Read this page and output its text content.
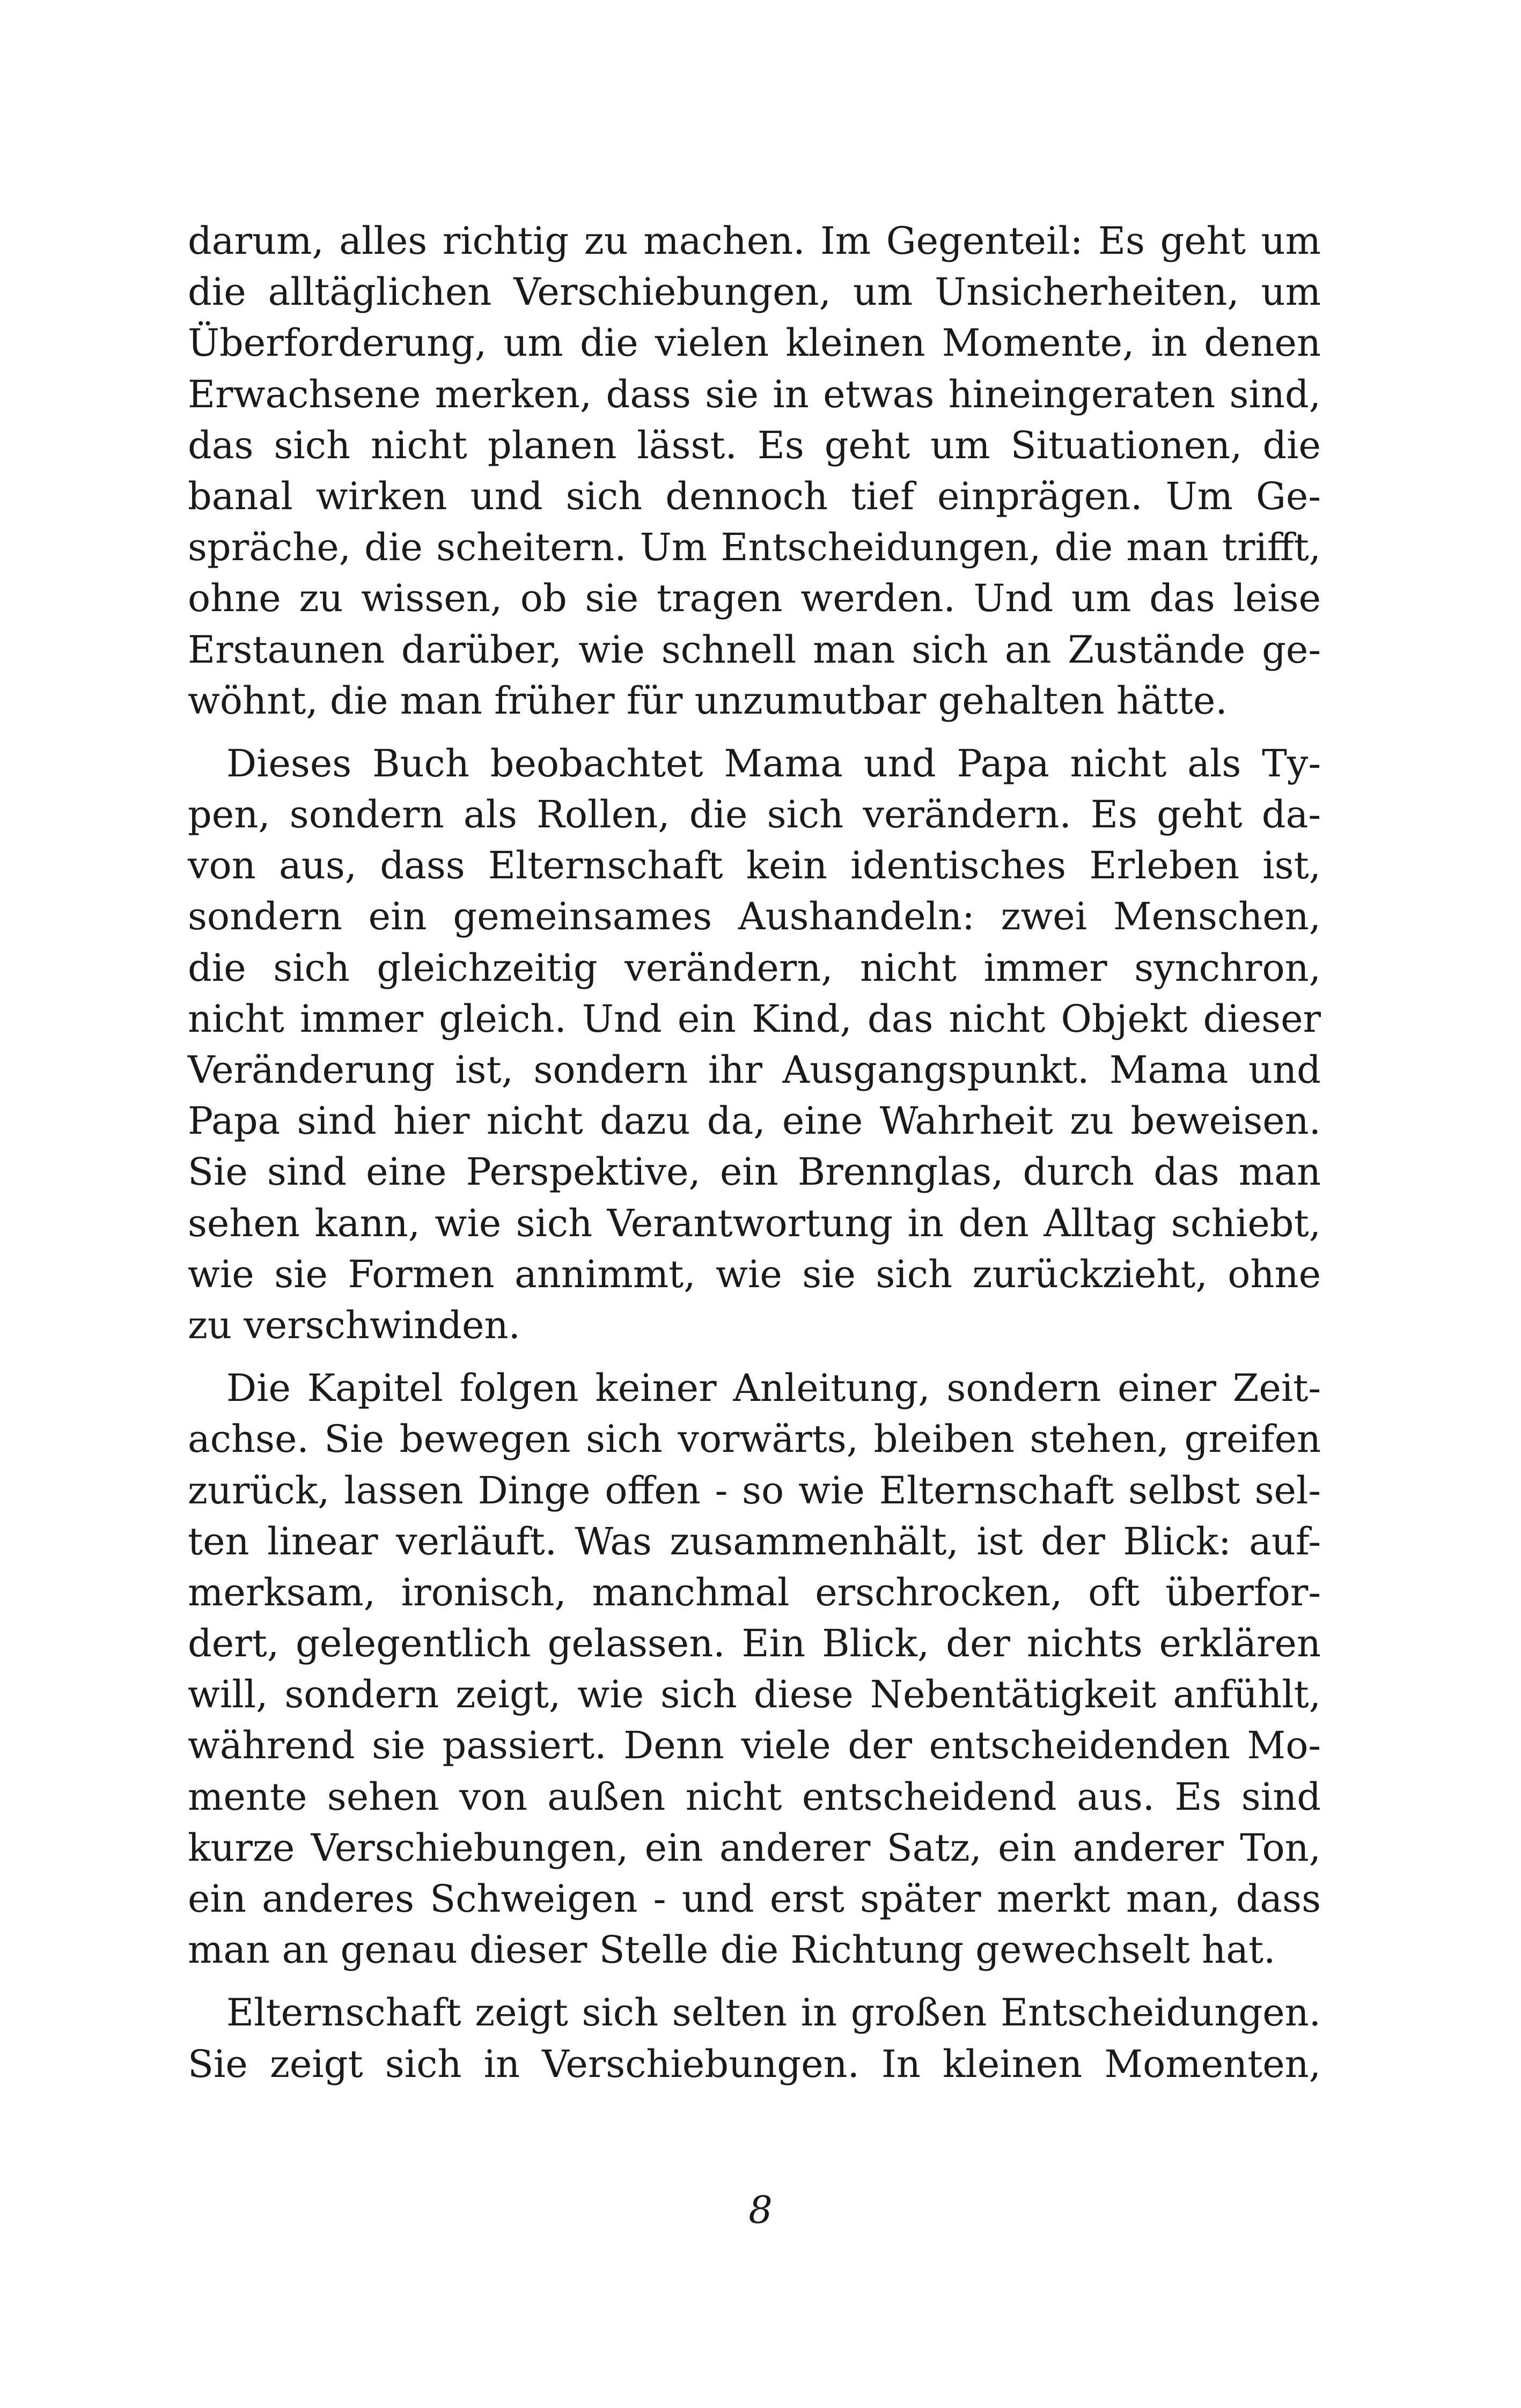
darum, alles richtig zu machen. Im Gegenteil: Es geht um
die alltäglichen Verschiebungen, um Unsicherheiten, um
Überforderung, um die vielen kleinen Momente, in denen
Erwachsene merken, dass sie in etwas hineingeraten sind,
das sich nicht planen lässt. Es geht um Situationen, die
banal wirken und sich dennoch tief einprägen. Um Ge-
spräche, die scheitern. Um Entscheidungen, die man trifft,
ohne zu wissen, ob sie tragen werden. Und um das leise
Erstaunen darüber, wie schnell man sich an Zustände ge-
wöhnt, die man früher für unzumutbar gehalten hätte.
Dieses Buch beobachtet Mama und Papa nicht als Ty-
pen, sondern als Rollen, die sich verändern. Es geht da-
von aus, dass Elternschaft kein identisches Erleben ist,
sondern ein gemeinsames Aushandeln: zwei Menschen,
die sich gleichzeitig verändern, nicht immer synchron,
nicht immer gleich. Und ein Kind, das nicht Objekt dieser
Veränderung ist, sondern ihr Ausgangspunkt. Mama und
Papa sind hier nicht dazu da, eine Wahrheit zu beweisen.
Sie sind eine Perspektive, ein Brennglas, durch das man
sehen kann, wie sich Verantwortung in den Alltag schiebt,
wie sie Formen annimmt, wie sie sich zurückzieht, ohne
zu verschwinden.
Die Kapitel folgen keiner Anleitung, sondern einer Zeit-
achse. Sie bewegen sich vorwärts, bleiben stehen, greifen
zurück, lassen Dinge offen - so wie Elternschaft selbst sel-
ten linear verläuft. Was zusammenhält, ist der Blick: auf-
merksam, ironisch, manchmal erschrocken, oft überfor-
dert, gelegentlich gelassen. Ein Blick, der nichts erklären
will, sondern zeigt, wie sich diese Nebentätigkeit anfühlt,
während sie passiert. Denn viele der entscheidenden Mo-
mente sehen von außen nicht entscheidend aus. Es sind
kurze Verschiebungen, ein anderer Satz, ein anderer Ton,
ein anderes Schweigen - und erst später merkt man, dass
man an genau dieser Stelle die Richtung gewechselt hat.
Elternschaft zeigt sich selten in großen Entscheidungen.
Sie zeigt sich in Verschiebungen. In kleinen Momenten,
8
